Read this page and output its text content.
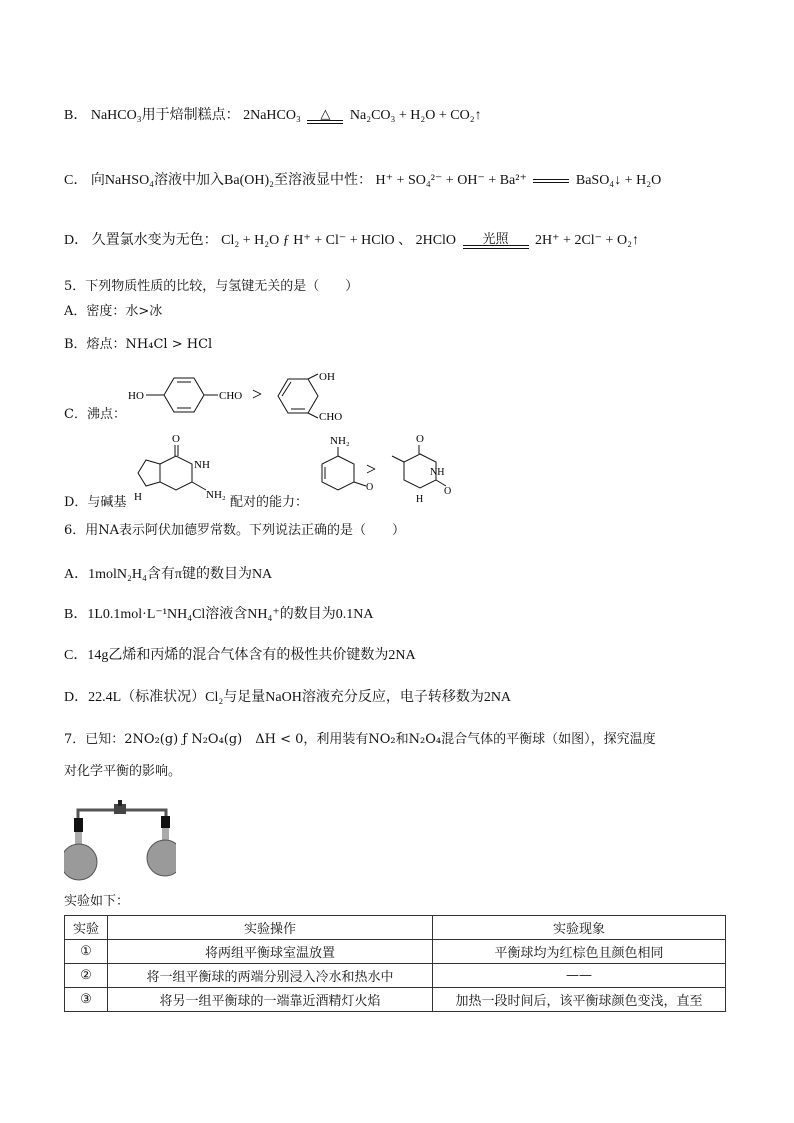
B． NaHCO₃用于焙制糕点： 2NaHCO₃	△	Na₂CO₃ + H₂O + CO₂↑
C． 向NaHSO₄溶液中加入Ba(OH)₂至溶液显中性： H⁺ + SO₄²⁻ + OH⁻ + Ba²⁺	BaSO₄↓ + H₂O
D． 久置氯水变为无色： Cl₂ + H₂O ƒ H⁺ + Cl⁻ + HClO 、 2HClO	光照	2H⁺ + 2Cl⁻ + O₂↑
5．下列物质性质的比较，与氢键无关的是（　　）
A．密度：水>冰
B．熔点：NH₄Cl > HCl
C．沸点：
HO	CHO >
OH
CHO
D．与碱基
O
NH
H	NH₂ 配对的能力：
NH₂
O
>
O
NH
O
H
6．用NA表示阿伏加德罗常数。下列说法正确的是（　　）
A．1molN₂H₄含有π键的数目为NA
B．1L0.1mol·L⁻¹NH₄Cl溶液含NH₄⁺的数目为0.1NA
C．14g乙烯和丙烯的混合气体含有的极性共价键数为2NA
D．22.4L（标准状况）Cl₂与足量NaOH溶液充分反应，电子转移数为2NA
7．已知：2NO₂(g) ƒ N₂O₄(g)　ΔH < 0，利用装有NO₂和N₂O₄混合气体的平衡球（如图），探究温度
对化学平衡的影响。
实验如下：
实验	实验操作	实验现象
①	将两组平衡球室温放置	平衡球均为红棕色且颜色相同
②	将一组平衡球的两端分别浸入冷水和热水中	——
③	将另一组平衡球的一端靠近酒精灯火焰	加热一段时间后，该平衡球颜色变浅，直至
